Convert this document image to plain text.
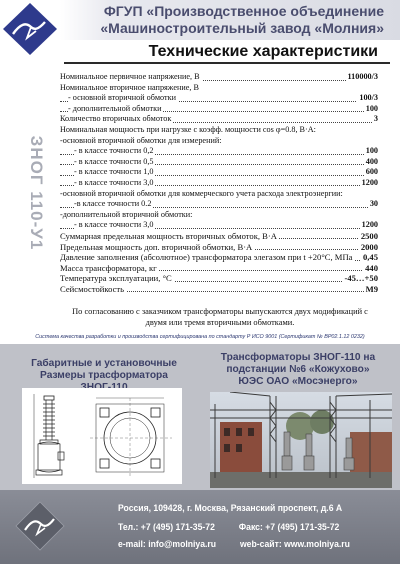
ФГУП «Производственное объединение
«Машиностроительный завод «Молния»
Технические характеристики
ЗНОГ 110-У1
Номинальное первичное напряжение, В	110000/3
Номинальное вторичное напряжение, В
- основной вторичной обмотки	100/3
- дополнительной обмотки	100
Количество вторичных обмоток	3
Номинальная мощность при нагрузке с коэфф. мощности cos φ=0.8, В·А:
-основной вторичной обмотки для измерений:
- в классе точности 0,2	100
- в классе точности 0,5	400
- в классе точности 1,0	600
- в классе точности 3,0	1200
-основной вторичной обмотки для коммерческого учета расхода электроэнергии:
-в классе точности 0.2	30
-дополнительной вторичной обмотки:
- в классе точности 3,0	1200
Суммарная предельная мощность вторичных обмоток, В·А	2500
Предельная мощность доп. вторичной обмотки, В·А	2000
Давление заполнения (абсолютное) трансформатора элегазом при t +20°С, МПа 0,45
Масса трансформатора, кг	440
Температура эксплуатации, °С	-45…+50
Сейсмостойкость	М9
По согласованию с заказчиком трансформаторы выпускаются двух модификаций с двумя или тремя вторичными обмотками.
Система качества разработки и производства сертифицирована по стандарту Р ИСО 9001 (Сертификат № ВР02.1.12 0232)
Габаритные и установочные
Размеры трасформатора
Трансформаторы ЗНОГ-110 на
подстанции №6 «Кожухово»
ЮЭС ОАО «Мосэнерго»
Россия, 109428, г. Москва, Рязанский проспект, д.6 А
Тел.: +7 (495) 171-35-72	Факс: +7 (495) 171-35-72
e-mail: info@molniya.ru	web-сайт: www.molniya.ru
